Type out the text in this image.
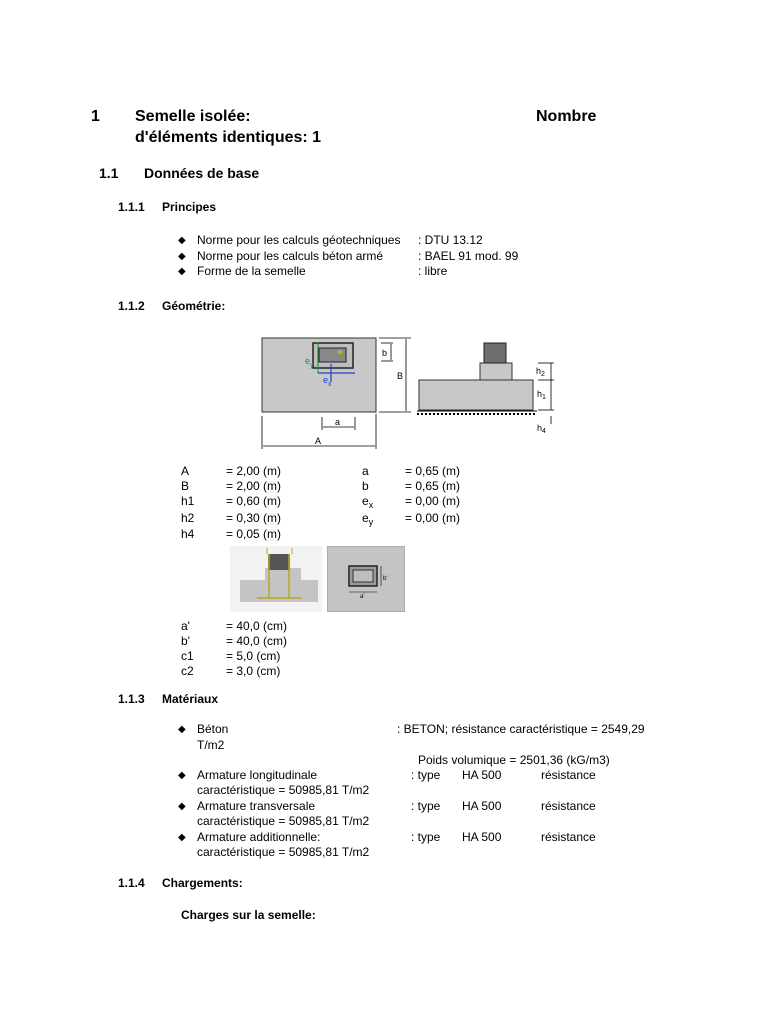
1 Semelle isolée:	Nombre
d'éléments identiques: 1
1.1 Données de base
1.1.1 Principes
◆ Norme pour les calculs géotechniques : DTU 13.12
◆ Norme pour les calculs béton armé	: BAEL 91 mod. 99
◆ Forme de la semelle	: libre
1.1.2 Géométrie:
$e_y$
$e_x$
b
B
a
A
$h_2$
$h_1$
$h_4$
A	= 2,00 (m)
B	= 2,00 (m)
h1	= 0,60 (m)
h2	= 0,30 (m)
h4	= 0,05 (m)
a	= 0,65 (m)
b	= 0,65 (m)
$e_x$	= 0,00 (m)
$e_y$	= 0,00 (m)
b'
a'
a'	= 40,0 (cm)
b'	= 40,0 (cm)
c1	= 5,0 (cm)
c2	= 3,0 (cm)
1.1.3 Matériaux
◆ Béton	: BETON; résistance caractéristique = 2549,29
T/m2
Poids volumique = 2501,36 (kG/m3)
◆ Armature longitudinale	: type HA 500	résistance
caractéristique = 50985,81 T/m2
◆ Armature transversale	: type HA 500	résistance
caractéristique = 50985,81 T/m2
◆ Armature additionnelle:	: type HA 500	résistance
caractéristique = 50985,81 T/m2
1.1.4 Chargements:
Charges sur la semelle:
